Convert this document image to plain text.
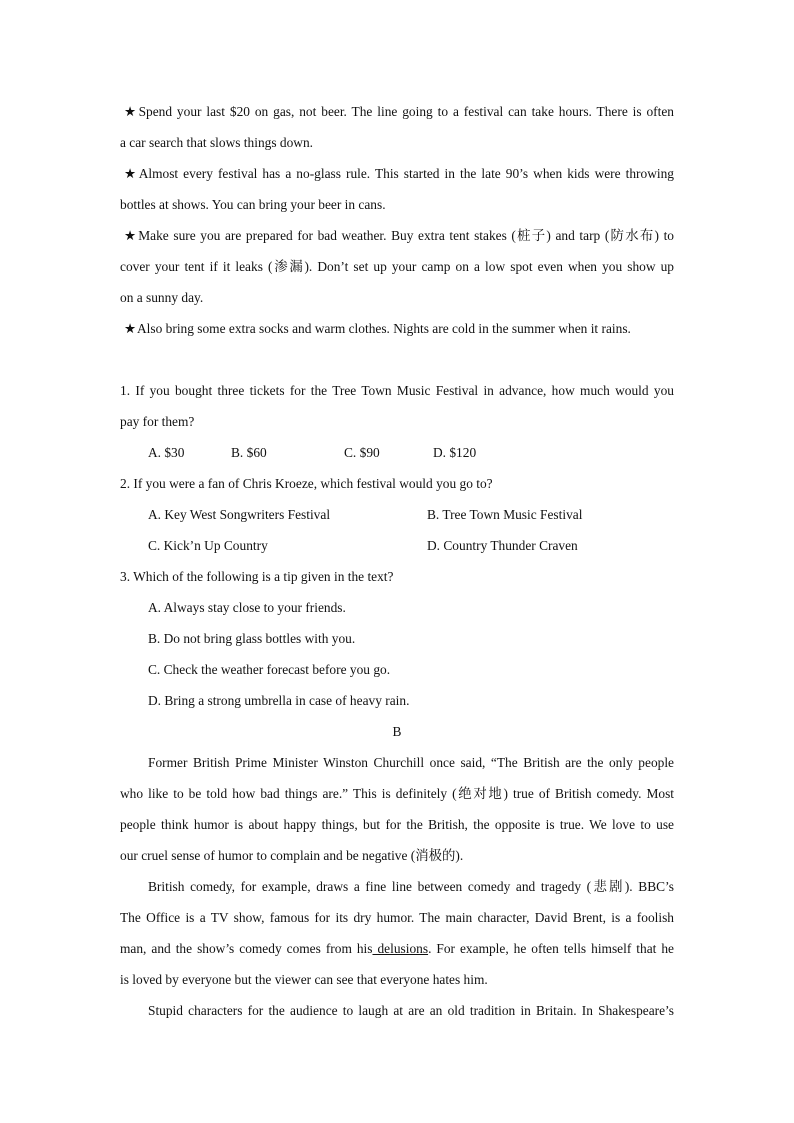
★Spend your last $20 on gas, not beer. The line going to a festival can take hours. There is often
a car search that slows things down.
★Almost every festival has a no-glass rule. This started in the late 90’s when kids were throwing
bottles at shows. You can bring your beer in cans.
★Make sure you are prepared for bad weather. Buy extra tent stakes (桩子) and tarp (防水布) to
cover your tent if it leaks (渗漏). Don’t set up your camp on a low spot even when you show up
on a sunny day.
★Also bring some extra socks and warm clothes. Nights are cold in the summer when it rains.
1. If you bought three tickets for the Tree Town Music Festival in advance, how much would you
pay for them?
A. $30	B. $60	C. $90	D. $120
2. If you were a fan of Chris Kroeze, which festival would you go to?
A. Key West Songwriters Festival	B. Tree Town Music Festival
C. Kick’n Up Country	D. Country Thunder Craven
3. Which of the following is a tip given in the text?
A. Always stay close to your friends.
B. Do not bring glass bottles with you.
C. Check the weather forecast before you go.
D. Bring a strong umbrella in case of heavy rain.
B
Former British Prime Minister Winston Churchill once said, “The British are the only people
who like to be told how bad things are.” This is definitely (绝对地) true of British comedy. Most
people think humor is about happy things, but for the British, the opposite is true. We love to use
our cruel sense of humor to complain and be negative (消极的).
British comedy, for example, draws a fine line between comedy and tragedy (悲剧). BBC’s
The Office is a TV show, famous for its dry humor. The main character, David Brent, is a foolish
man, and the show’s comedy comes from his delusions. For example, he often tells himself that he
is loved by everyone but the viewer can see that everyone hates him.
Stupid characters for the audience to laugh at are an old tradition in Britain. In Shakespeare’s
